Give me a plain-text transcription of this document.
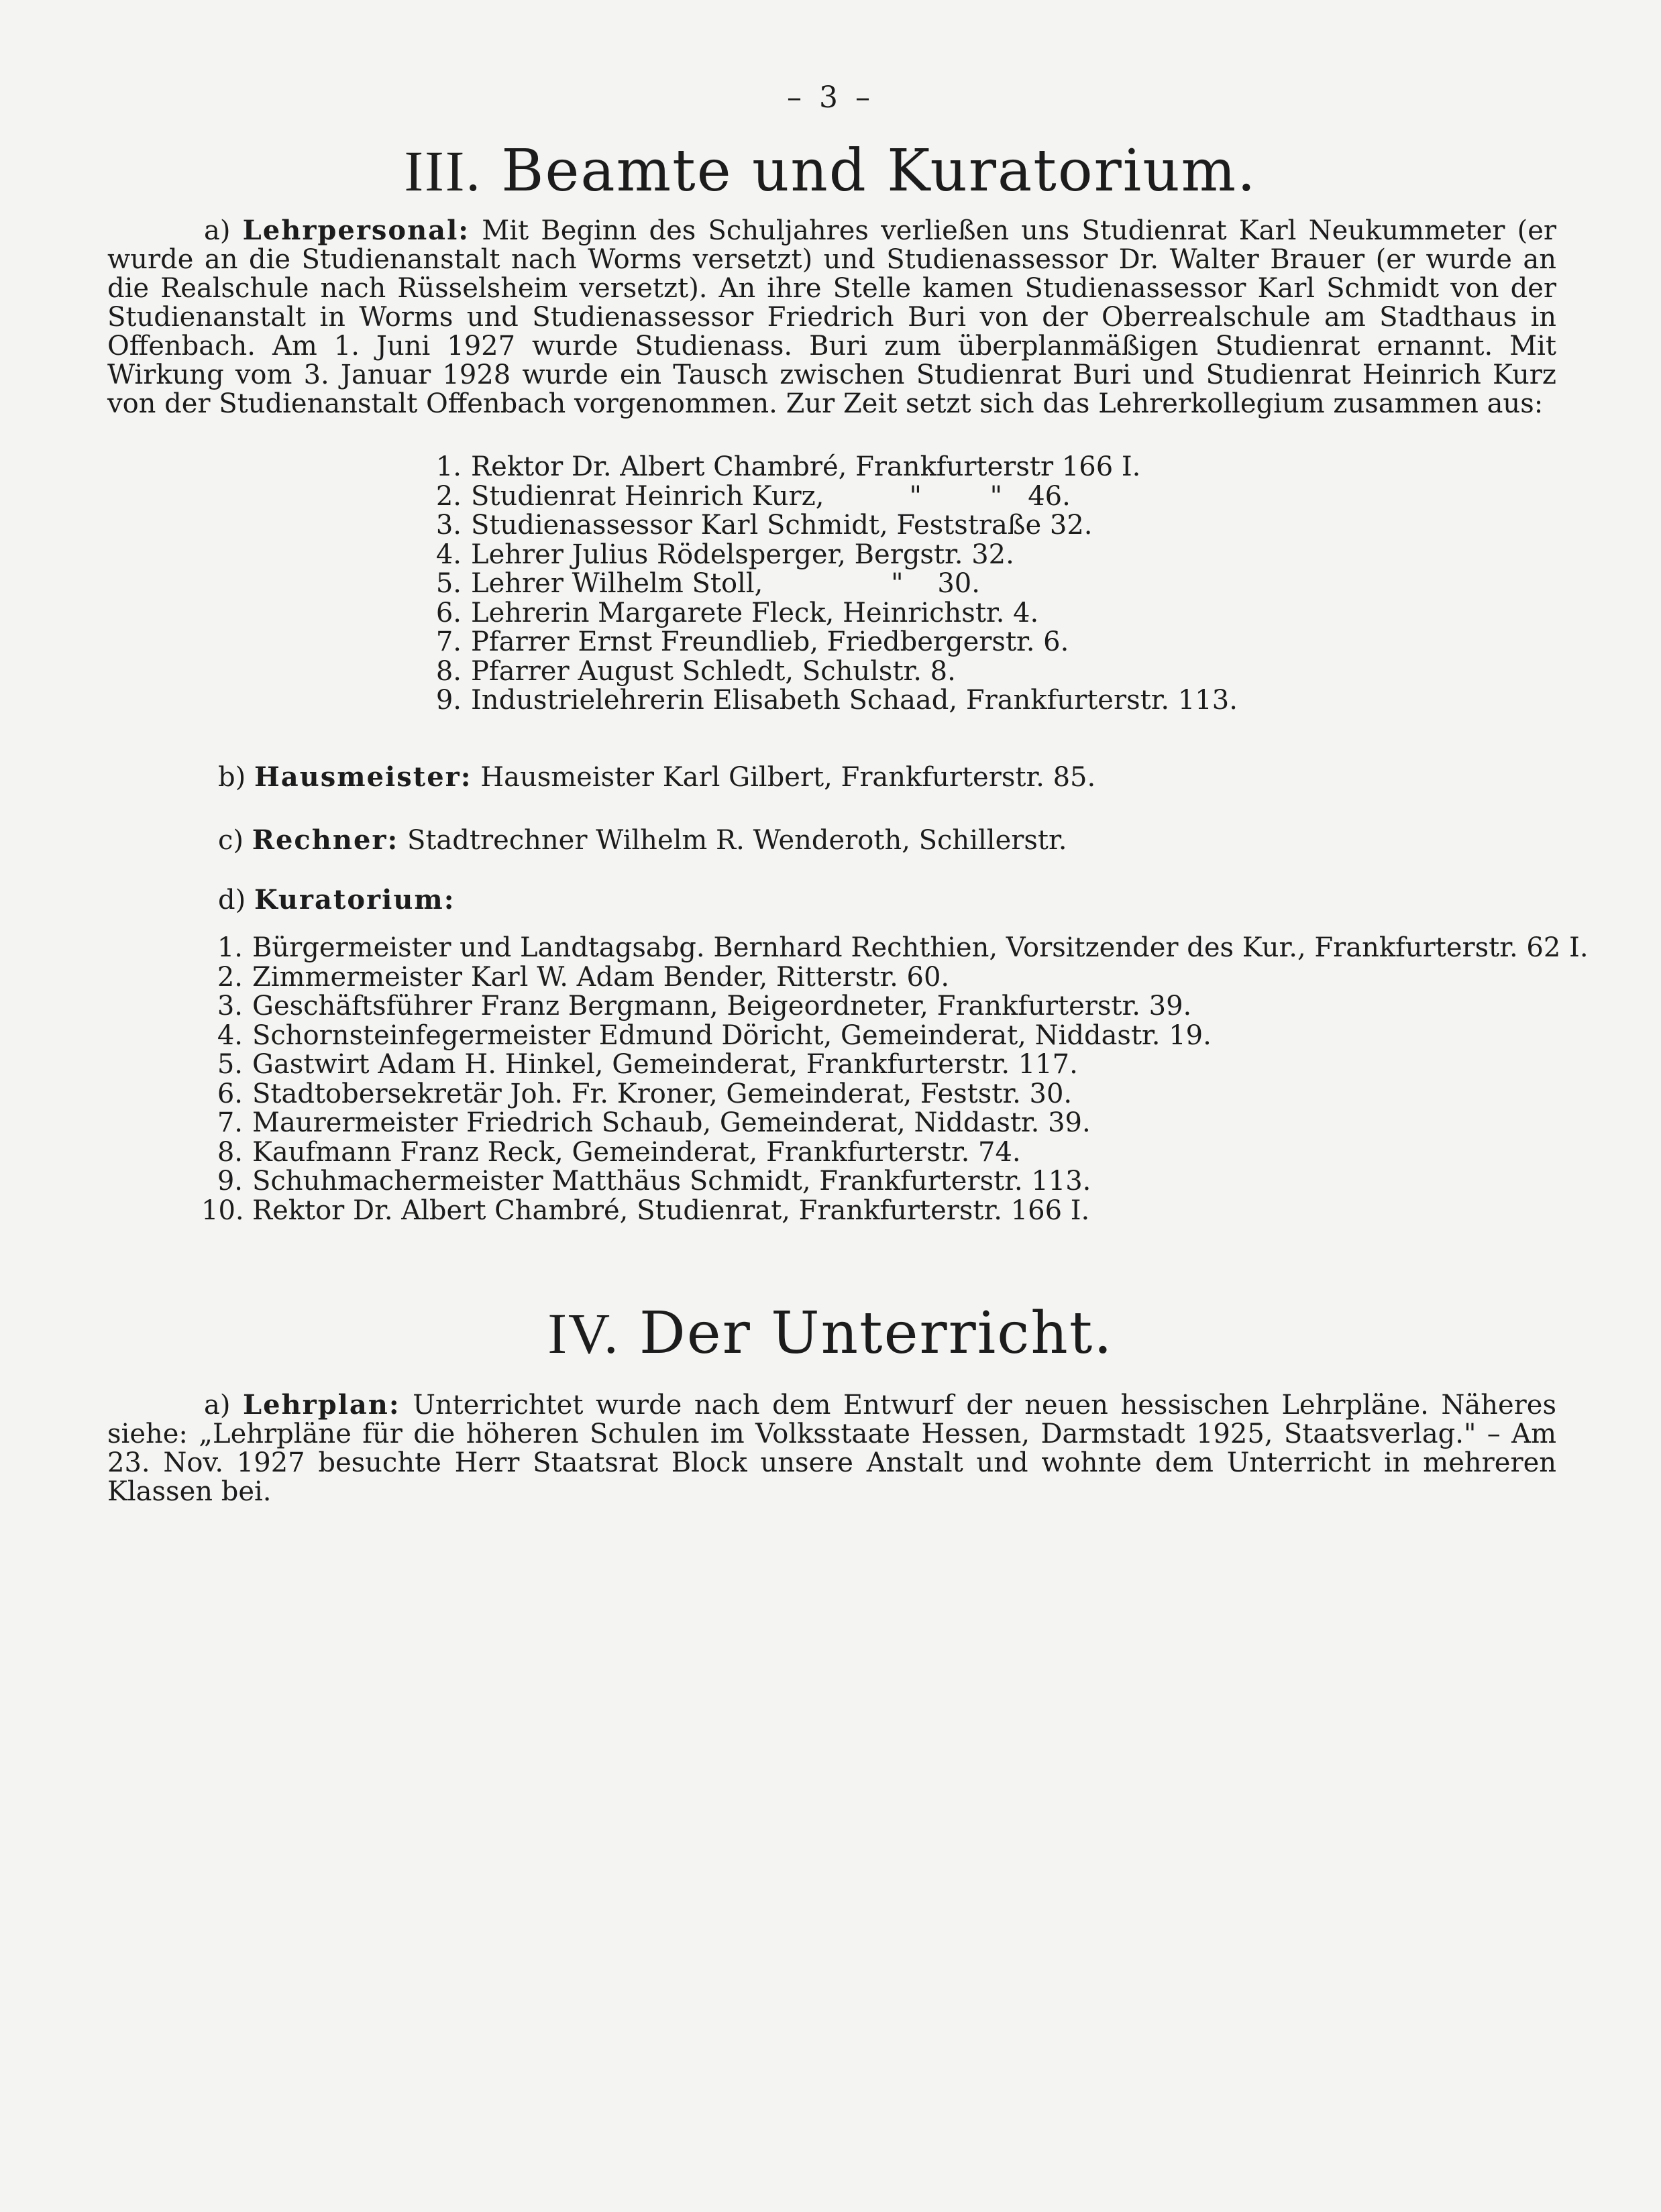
– 3 –
III. Beamte und Kuratorium.
a) Lehrpersonal: Mit Beginn des Schuljahres verließen uns Studienrat Karl Neukummeter (er wurde an die Studienanstalt nach Worms versetzt) und Studienassessor Dr. Walter Brauer (er wurde an die Realschule nach Rüsselsheim versetzt). An ihre Stelle kamen Studienassessor Karl Schmidt von der Studienanstalt in Worms und Studienassessor Friedrich Buri von der Oberrealschule am Stadthaus in Offenbach. Am 1. Juni 1927 wurde Studienass. Buri zum überplanmäßigen Studienrat ernannt. Mit Wirkung vom 3. Januar 1928 wurde ein Tausch zwischen Studienrat Buri und Studienrat Heinrich Kurz von der Studienanstalt Offenbach vorgenommen. Zur Zeit setzt sich das Lehrerkollegium zusammen aus:
1. Rektor Dr. Albert Chambré, Frankfurterstr 166 I.
2. Studienrat Heinrich Kurz,          "        "   46.
3. Studienassessor Karl Schmidt, Feststraße 32.
4. Lehrer Julius Rödelsperger, Bergstr. 32.
5. Lehrer Wilhelm Stoll,               "    30.
6. Lehrerin Margarete Fleck, Heinrichstr. 4.
7. Pfarrer Ernst Freundlieb, Friedbergerstr. 6.
8. Pfarrer August Schledt, Schulstr. 8.
9. Industrielehrerin Elisabeth Schaad, Frankfurterstr. 113.
b) Hausmeister: Hausmeister Karl Gilbert, Frankfurterstr. 85.
c) Rechner: Stadtrechner Wilhelm R. Wenderoth, Schillerstr.
d) Kuratorium:
1. Bürgermeister und Landtagsabg. Bernhard Rechthien, Vorsitzender des Kur., Frankfurterstr. 62 I.
2. Zimmermeister Karl W. Adam Bender, Ritterstr. 60.
3. Geschäftsführer Franz Bergmann, Beigeordneter, Frankfurterstr. 39.
4. Schornsteinfegermeister Edmund Döricht, Gemeinderat, Niddastr. 19.
5. Gastwirt Adam H. Hinkel, Gemeinderat, Frankfurterstr. 117.
6. Stadtobersekretär Joh. Fr. Kroner, Gemeinderat, Feststr. 30.
7. Maurermeister Friedrich Schaub, Gemeinderat, Niddastr. 39.
8. Kaufmann Franz Reck, Gemeinderat, Frankfurterstr. 74.
9. Schuhmachermeister Matthäus Schmidt, Frankfurterstr. 113.
10. Rektor Dr. Albert Chambré, Studienrat, Frankfurterstr. 166 I.
IV. Der Unterricht.
a) Lehrplan: Unterrichtet wurde nach dem Entwurf der neuen hessischen Lehrpläne. Näheres siehe: „Lehrpläne für die höheren Schulen im Volksstaate Hessen, Darmstadt 1925, Staatsverlag." – Am 23. Nov. 1927 besuchte Herr Staatsrat Block unsere Anstalt und wohnte dem Unterricht in mehreren Klassen bei.
